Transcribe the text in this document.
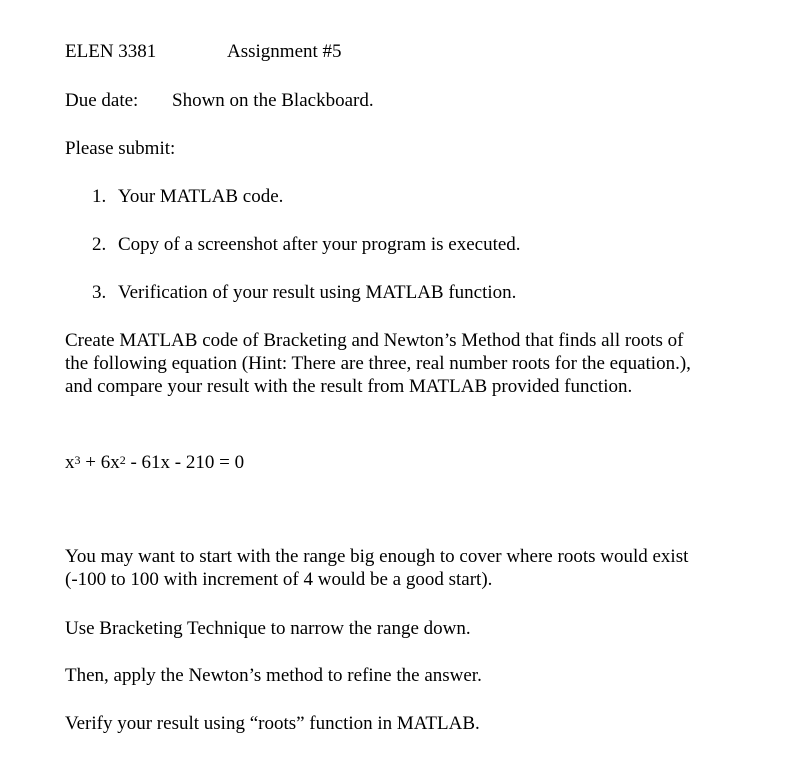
ELEN 3381	Assignment #5
Due date: Shown on the Blackboard.
Please submit:
1. Your MATLAB code.
2. Copy of a screenshot after your program is executed.
3. Verification of your result using MATLAB function.
Create MATLAB code of Bracketing and Newton’s Method that finds all roots of
the following equation (Hint: There are three, real number roots for the equation.),
and compare your result with the result from MATLAB provided function.
$x^3 + 6x^2 - 61x - 210 = 0$
You may want to start with the range big enough to cover where roots would exist
(-100 to 100 with increment of 4 would be a good start).
Use Bracketing Technique to narrow the range down.
Then, apply the Newton’s method to refine the answer.
Verify your result using “roots” function in MATLAB.
